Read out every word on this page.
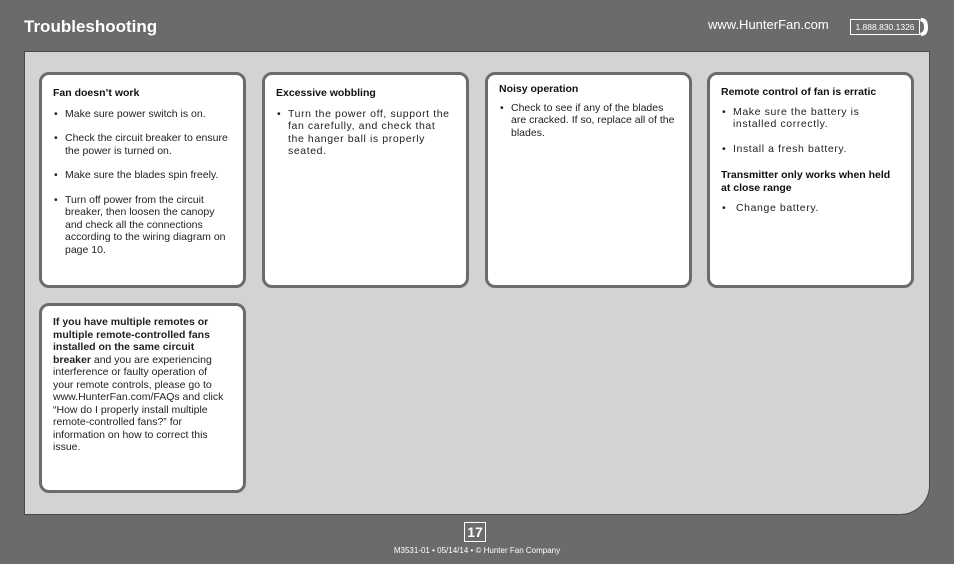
Troubleshooting	www.HunterFan.com	1.888.830.1326
Fan doesn’t work
• Make sure power switch is on.
• Check the circuit breaker to ensure the power is turned on.
• Make sure the blades spin freely.
• Turn off power from the circuit breaker, then loosen the canopy and check all the connections according to the wiring diagram on page 10.
Excessive wobbling
• Turn the power off, support the fan carefully, and check that the hanger ball is properly seated.
Noisy operation
• Check to see if any of the blades are cracked. If so, replace all of the blades.
Remote control of fan is erratic
• Make sure the battery is installed correctly.
• Install a fresh battery.
Transmitter only works when held at close range
• Change battery.

If you have multiple remotes or multiple remote-controlled fans installed on the same circuit breaker and you are experiencing interference or faulty operation of your remote controls, please go to www.HunterFan.com/FAQs and click “How do I properly install multiple remote-controlled fans?” for information on how to correct this issue.

17
M3531-01 • 05/14/14 • © Hunter Fan Company
